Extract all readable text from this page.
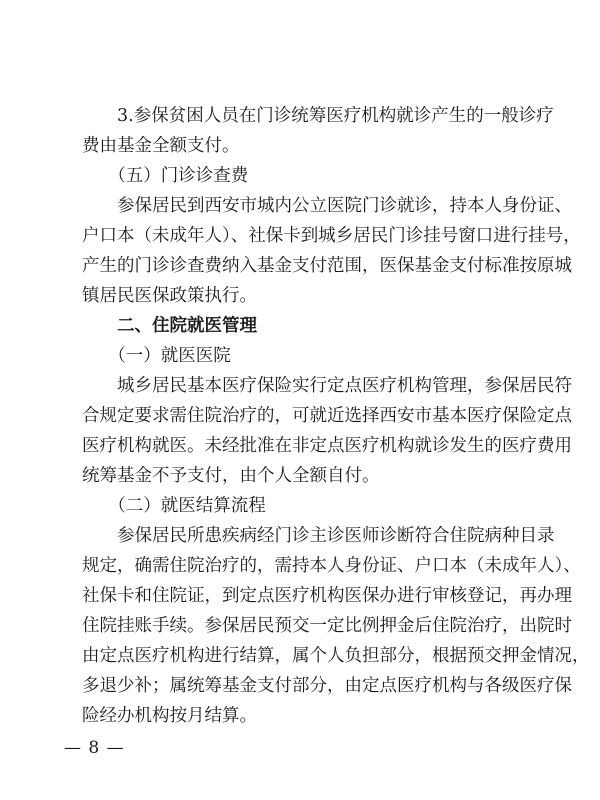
　　3.参保贫困人员在门诊统筹医疗机构就诊产生的一般诊疗
费由基金全额支付。
　　（五）门诊诊查费
　　参保居民到西安市城内公立医院门诊就诊，持本人身份证、
户口本（未成年人）、社保卡到城乡居民门诊挂号窗口进行挂号，
产生的门诊诊查费纳入基金支付范围，医保基金支付标准按原城
镇居民医保政策执行。
　　二、住院就医管理
　　（一）就医医院
　　城乡居民基本医疗保险实行定点医疗机构管理，参保居民符
合规定要求需住院治疗的，可就近选择西安市基本医疗保险定点
医疗机构就医。未经批准在非定点医疗机构就诊发生的医疗费用
统筹基金不予支付，由个人全额自付。
　　（二）就医结算流程
　　参保居民所患疾病经门诊主诊医师诊断符合住院病种目录
规定，确需住院治疗的，需持本人身份证、户口本（未成年人）、
社保卡和住院证，到定点医疗机构医保办进行审核登记，再办理
住院挂账手续。参保居民预交一定比例押金后住院治疗，出院时
由定点医疗机构进行结算，属个人负担部分，根据预交押金情况，
多退少补；属统筹基金支付部分，由定点医疗机构与各级医疗保
险经办机构按月结算。
— 8 —
